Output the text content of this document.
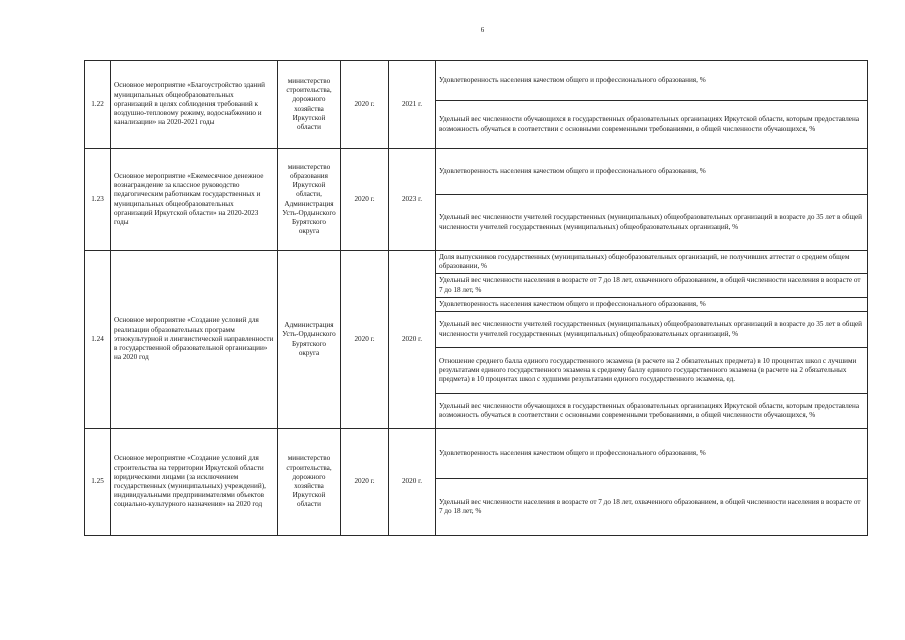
6
1.22	Основное мероприятие «Благоустройство зданий муниципальных общеобразовательных организаций в целях соблюдения требований к воздушно-тепловому режиму, водоснабжению и канализации» на 2020-2021 годы	министерство строительства, дорожного хозяйства Иркутской области	2020 г.	2021 г.	Удовлетворенность населения качеством общего и профессионального образования, %
					Удельный вес численности обучающихся в государственных образовательных организациях Иркутской области, которым предоставлена возможность обучаться в соответствии с основными современными требованиями, в общей численности обучающихся, %
1.23	Основное мероприятие «Ежемесячное денежное вознаграждение за классное руководство педагогическим работникам государственных и муниципальных общеобразовательных организаций Иркутской области» на 2020-2023 годы	министерство образования Иркутской области, Администрация Усть-Ордынского Бурятского округа	2020 г.	2023 г.	Удовлетворенность населения качеством общего и профессионального образования, %
					Удельный вес численности учителей государственных (муниципальных) общеобразовательных организаций в возрасте до 35 лет в общей численности учителей государственных (муниципальных) общеобразовательных организаций, %
1.24	Основное мероприятие «Создание условий для реализации образовательных программ этнокультурной и лингвистической направленности в государственной образовательной организации» на 2020 год	Администрация Усть-Ордынского Бурятского округа	2020 г.	2020 г.	Доля выпускников государственных (муниципальных) общеобразовательных организаций, не получивших аттестат о среднем общем образовании, %
					Удельный вес численности населения в возрасте от 7 до 18 лет, охваченного образованием, в общей численности населения в возрасте от 7 до 18 лет, %
					Удовлетворенность населения качеством общего и профессионального образования, %
					Удельный вес численности учителей государственных (муниципальных) общеобразовательных организаций в возрасте до 35 лет в общей численности учителей государственных (муниципальных) общеобразовательных организаций, %
					Отношение среднего балла единого государственного экзамена (в расчете на 2 обязательных предмета) в 10 процентах школ с лучшими результатами единого государственного экзамена к среднему баллу единого государственного экзамена (в расчете на 2 обязательных предмета) в 10 процентах школ с худшими результатами единого государственного экзамена, ед.
					Удельный вес численности обучающихся в государственных образовательных организациях Иркутской области, которым предоставлена возможность обучаться в соответствии с основными современными требованиями, в общей численности обучающихся, %
1.25	Основное мероприятие «Создание условий для строительства на территории Иркутской области юридическими лицами (за исключением государственных (муниципальных) учреждений), индивидуальными предпринимателями объектов социально-культурного назначения» на 2020 год	министерство строительства, дорожного хозяйства Иркутской области	2020 г.	2020 г.	Удовлетворенность населения качеством общего и профессионального образования, %
					Удельный вес численности населения в возрасте от 7 до 18 лет, охваченного образованием, в общей численности населения в возрасте от 7 до 18 лет, %
